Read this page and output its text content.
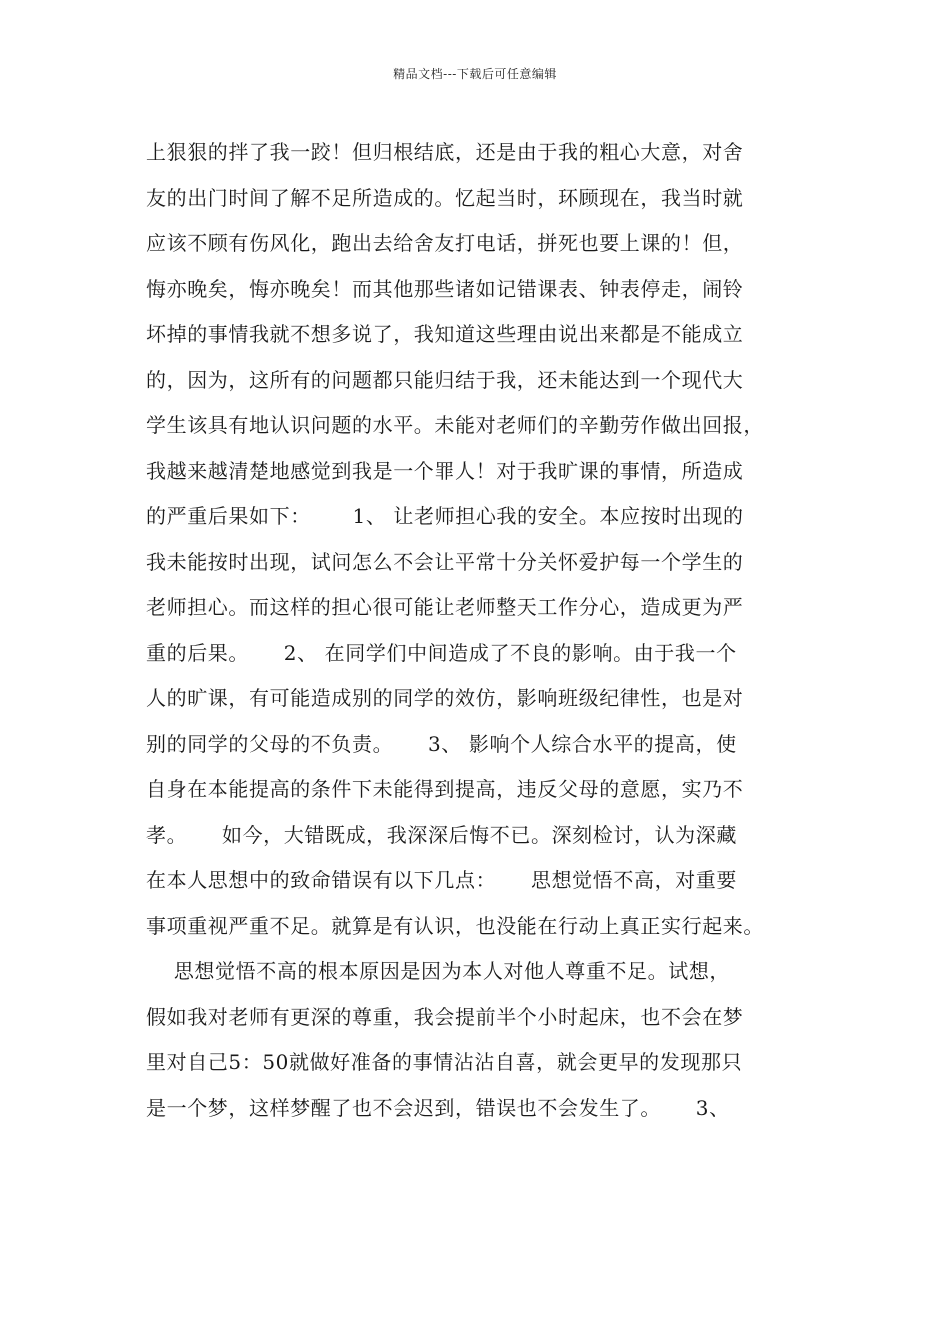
精品文档---下载后可任意编辑
上狠狠的拌了我一跤！但归根结底，还是由于我的粗心大意，对舍
友的出门时间了解不足所造成的。忆起当时，环顾现在，我当时就
应该不顾有伤风化，跑出去给舍友打电话，拼死也要上课的！但，
悔亦晚矣，悔亦晚矣！而其他那些诸如记错课表、钟表停走，闹铃
坏掉的事情我就不想多说了，我知道这些理由说出来都是不能成立
的，因为，这所有的问题都只能归结于我，还未能达到一个现代大
学生该具有地认识问题的水平。未能对老师们的辛勤劳作做出回报，
我越来越清楚地感觉到我是一个罪人！对于我旷课的事情，所造成
的严重后果如下：      1、 让老师担心我的安全。本应按时出现的
我未能按时出现，试问怎么不会让平常十分关怀爱护每一个学生的
老师担心。而这样的担心很可能让老师整天工作分心，造成更为严
重的后果。     2、 在同学们中间造成了不良的影响。由于我一个
人的旷课，有可能造成别的同学的效仿，影响班级纪律性，也是对
别的同学的父母的不负责。     3、 影响个人综合水平的提高，使
自身在本能提高的条件下未能得到提高，违反父母的意愿，实乃不
孝。     如今，大错既成，我深深后悔不已。深刻检讨，认为深藏
在本人思想中的致命错误有以下几点：     思想觉悟不高，对重要
事项重视严重不足。就算是有认识，也没能在行动上真正实行起来。
思想觉悟不高的根本原因是因为本人对他人尊重不足。试想，
假如我对老师有更深的尊重，我会提前半个小时起床，也不会在梦
里对自己5：50就做好准备的事情沾沾自喜，就会更早的发现那只
是一个梦，这样梦醒了也不会迟到，错误也不会发生了。     3、
